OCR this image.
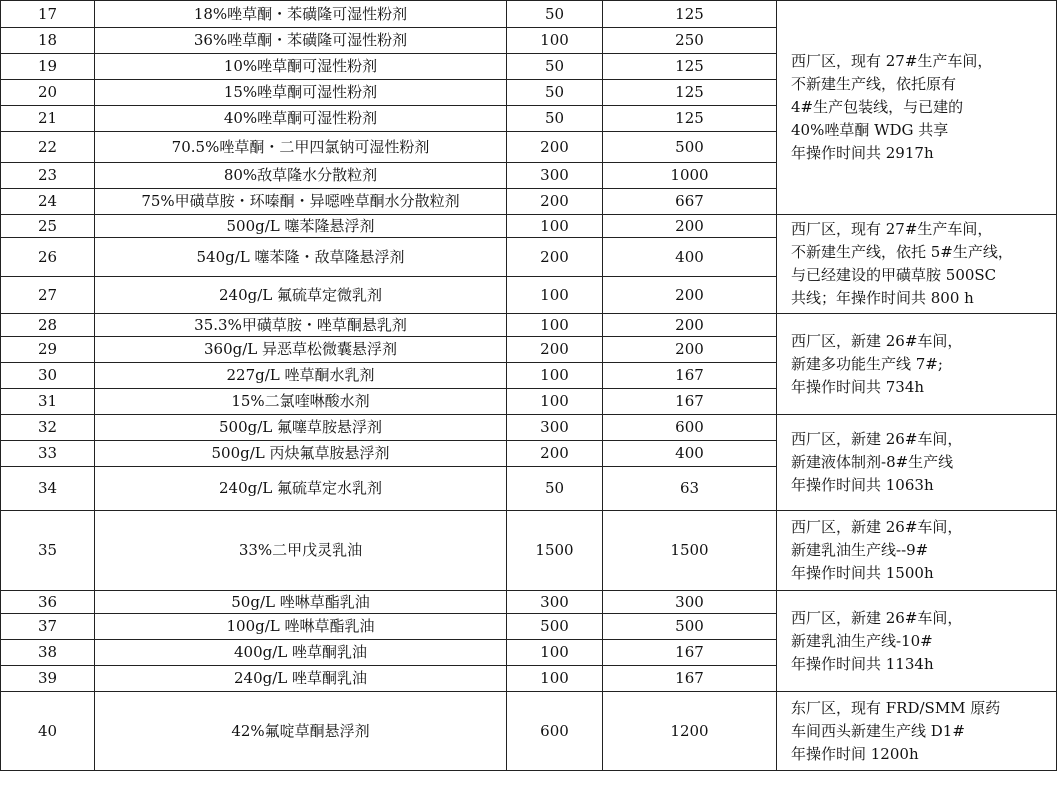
17	18%唑草酮・苯磺隆可湿性粉剂	50	125	西厂区，现有 27#生产车间，
不新建生产线，依托原有
4#生产包装线，与已建的
40%唑草酮 WDG 共享
年操作时间共 2917h

18	36%唑草酮・苯磺隆可湿性粉剂	100	250	
19	10%唑草酮可湿性粉剂	50	125	
20	15%唑草酮可湿性粉剂	50	125	
21	40%唑草酮可湿性粉剂	50	125	
22	70.5%唑草酮・二甲四氯钠可湿性粉剂	200	500	
23	80%敌草隆水分散粒剂	300	1000	
24	75%甲磺草胺・环嗪酮・异噁唑草酮水分散粒剂	200	667	
25	500g/L 噻苯隆悬浮剂	100	200	西厂区，现有 27#生产车间，
不新建生产线，依托 5#生产线，
与已经建设的甲磺草胺 500SC
共线；年操作时间共 800 h

26	540g/L 噻苯隆・敌草隆悬浮剂	200	400	
27	240g/L 氟硫草定微乳剂	100	200	
28	35.3%甲磺草胺・唑草酮悬乳剂	100	200	西厂区，新建 26#车间，
新建多功能生产线 7#;
年操作时间共 734h

29	360g/L 异恶草松微囊悬浮剂	200	200	
30	227g/L 唑草酮水乳剂	100	167	
31	15%二氯喹啉酸水剂	100	167	
32	500g/L 氟噻草胺悬浮剂	300	600	西厂区，新建 26#车间，
新建液体制剂-8#生产线
年操作时间共 1063h

33	500g/L 丙炔氟草胺悬浮剂	200	400	
34	240g/L 氟硫草定水乳剂	50	63	
35	33%二甲戊灵乳油	1500	1500	西厂区，新建 26#车间，
新建乳油生产线--9#
年操作时间共 1500h

36	50g/L 唑啉草酯乳油	300	300	西厂区，新建 26#车间，
新建乳油生产线-10#
年操作时间共 1134h

37	100g/L 唑啉草酯乳油	500	500	
38	400g/L 唑草酮乳油	100	167	
39	240g/L 唑草酮乳油	100	167	
40	42%氟啶草酮悬浮剂	600	1200	东厂区，现有 FRD/SMM 原药
车间西头新建生产线 D1#
年操作时间 1200h
